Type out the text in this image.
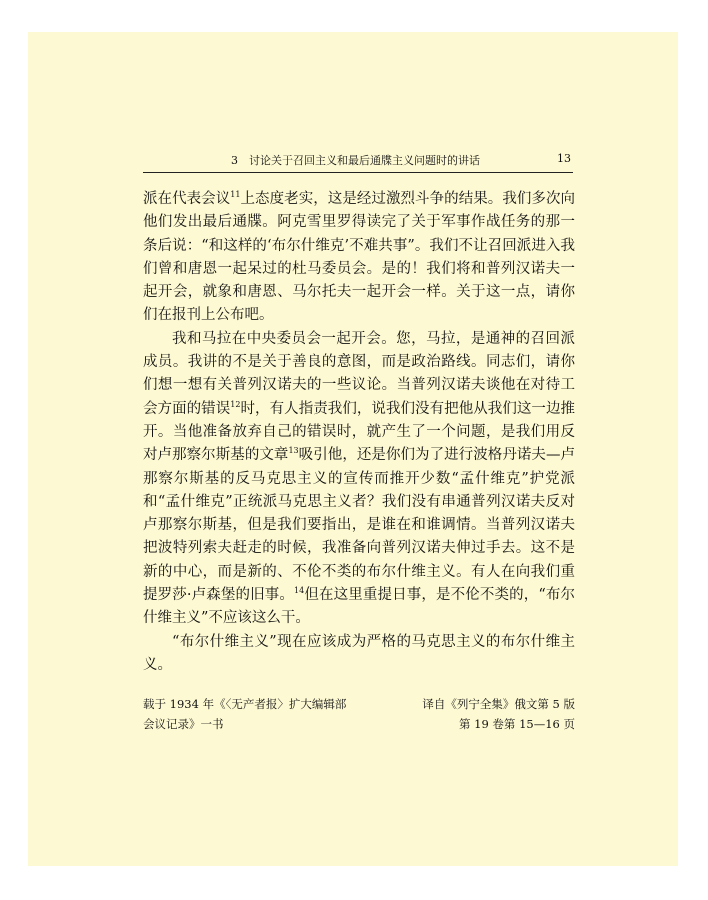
3　讨论关于召回主义和最后通牒主义问题时的讲话	13

派在代表会议$^{11}$上态度老实，这是经过激烈斗争的结果。我们多次向他们发出最后通牒。阿克雪里罗得读完了关于军事作战任务的那一条后说：“和这样的‘布尔什维克’不难共事”。我们不让召回派进入我们曾和唐恩一起呆过的杜马委员会。是的！我们将和普列汉诺夫一起开会，就象和唐恩、马尔托夫一起开会一样。关于这一点，请你们在报刊上公布吧。

我和马拉在中央委员会一起开会。您，马拉，是通神的召回派成员。我讲的不是关于善良的意图，而是政治路线。同志们，请你们想一想有关普列汉诺夫的一些议论。当普列汉诺夫谈他在对待工会方面的错误$^{12}$时，有人指责我们，说我们没有把他从我们这一边推开。当他准备放弃自己的错误时，就产生了一个问题，是我们用反对卢那察尔斯基的文章$^{13}$吸引他，还是你们为了进行波格丹诺夫—卢那察尔斯基的反马克思主义的宣传而推开少数“孟什维克”护党派和“孟什维克”正统派马克思主义者？我们没有串通普列汉诺夫反对卢那察尔斯基，但是我们要指出，是谁在和谁调情。当普列汉诺夫把波特列索夫赶走的时候，我准备向普列汉诺夫伸过手去。这不是新的中心，而是新的、不伦不类的布尔什维主义。有人在向我们重提罗莎·卢森堡的旧事。$^{14}$但在这里重提日事，是不伦不类的，“布尔什维主义”不应该这么干。

“布尔什维主义”现在应该成为严格的马克思主义的布尔什维主义。

载于 1934 年《〈无产者报〉扩大编辑部
会议记录》一书
译自《列宁全集》俄文第 5 版
第 19 卷第 15—16 页
